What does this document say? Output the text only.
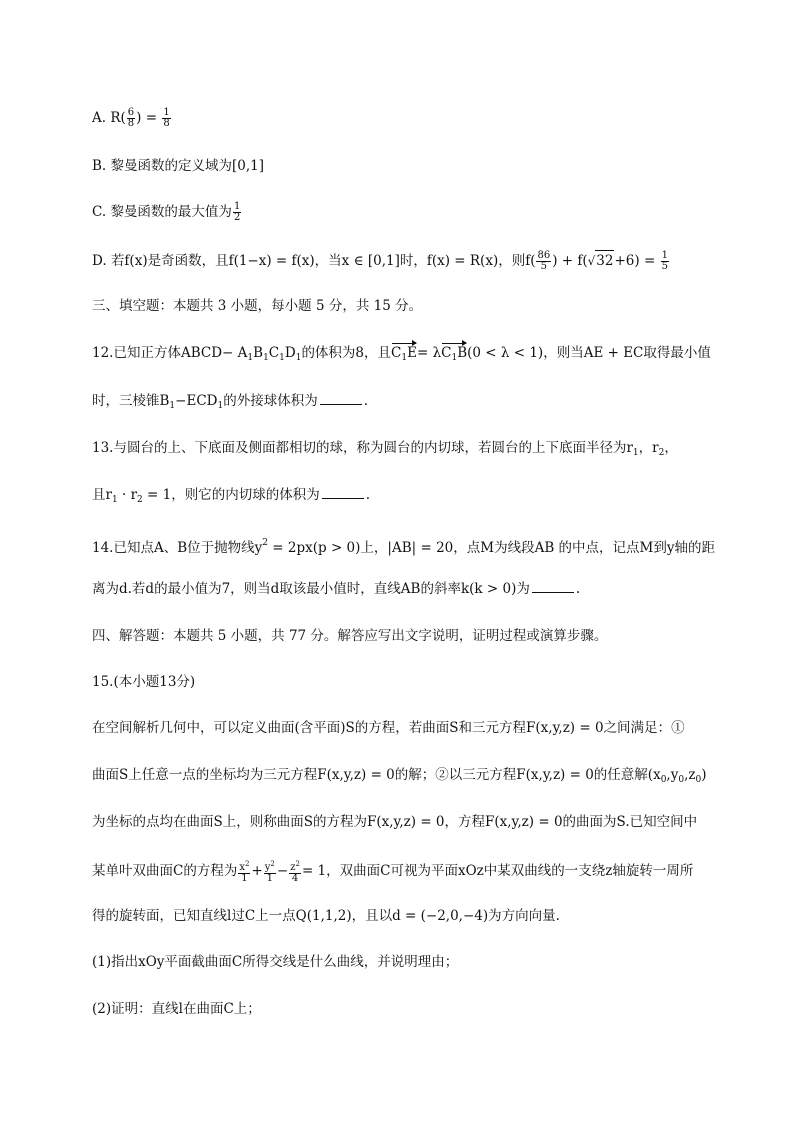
A. $R( \frac{6}{8}$ ) = $\frac{1}{8}$
B. 黎曼函数的定义域为[0,1]
C. 黎曼函数的最大值为 $\frac{1}{2}$
D. 若f(x)是奇函数，且f(1−x) = f(x)，当x ∈ [0,1]时，f(x) = R(x)，则$f( \frac{86}{5}$ ) + $f(√32+6) = \frac{1}{5}$
三、填空题：本题共 3 小题，每小题 5 分，共 15 分。
12.已知正方体ABCD− $A_1B_1C_1D_1$的体积为8，且$C_1E= \lambda C_1B(0 < \lambda < 1)$，则当AE + EC取得最小值
时，三棱锥$B_1-ECD_1$的外接球体积为	.
13.与圆台的上、下底面及侧面都相切的球，称为圆台的内切球，若圆台的上下底面半径为$r_1$，$r_2$，
且$r_1 \cdot r_2 = 1$，则它的内切球的体积为	.
14.已知点A、B位于抛物线$y^2 = 2px(p > 0)$上，|AB| = 20，点M为线段AB 的中点，记点M到y轴的距
离为d.若d的最小值为7，则当d取该最小值时，直线AB的斜率k(k > 0)为	.
四、解答题：本题共 5 小题，共 77 分。解答应写出文字说明，证明过程或演算步骤。
15.(本小题13分)
在空间解析几何中，可以定义曲面(含平面)S的方程，若曲面S和三元方程F(x,y,z) = 0之间满足：①
曲面S上任意一点的坐标均为三元方程F(x,y,z) = 0的解；②以三元方程F(x,y,z) = 0的任意解$(x_0,y_0,z_0)$
为坐标的点均在曲面S上，则称曲面S的方程为F(x,y,z) = 0，方程F(x,y,z) = 0的曲面为S.已知空间中
某单叶双曲面C的方程为 $\frac{x^2}{1} + \frac{y^2}{1} - \frac{z^2}{4} = 1$，双曲面C可视为平面xOz中某双曲线的一支绕z轴旋转一周所
得的旋转面，已知直线l过C上一点Q(1,1,2)，且以d = (−2,0,−4)为方向向量.
(1)指出xOy平面截曲面C所得交线是什么曲线，并说明理由；
(2)证明：直线l在曲面C上；
